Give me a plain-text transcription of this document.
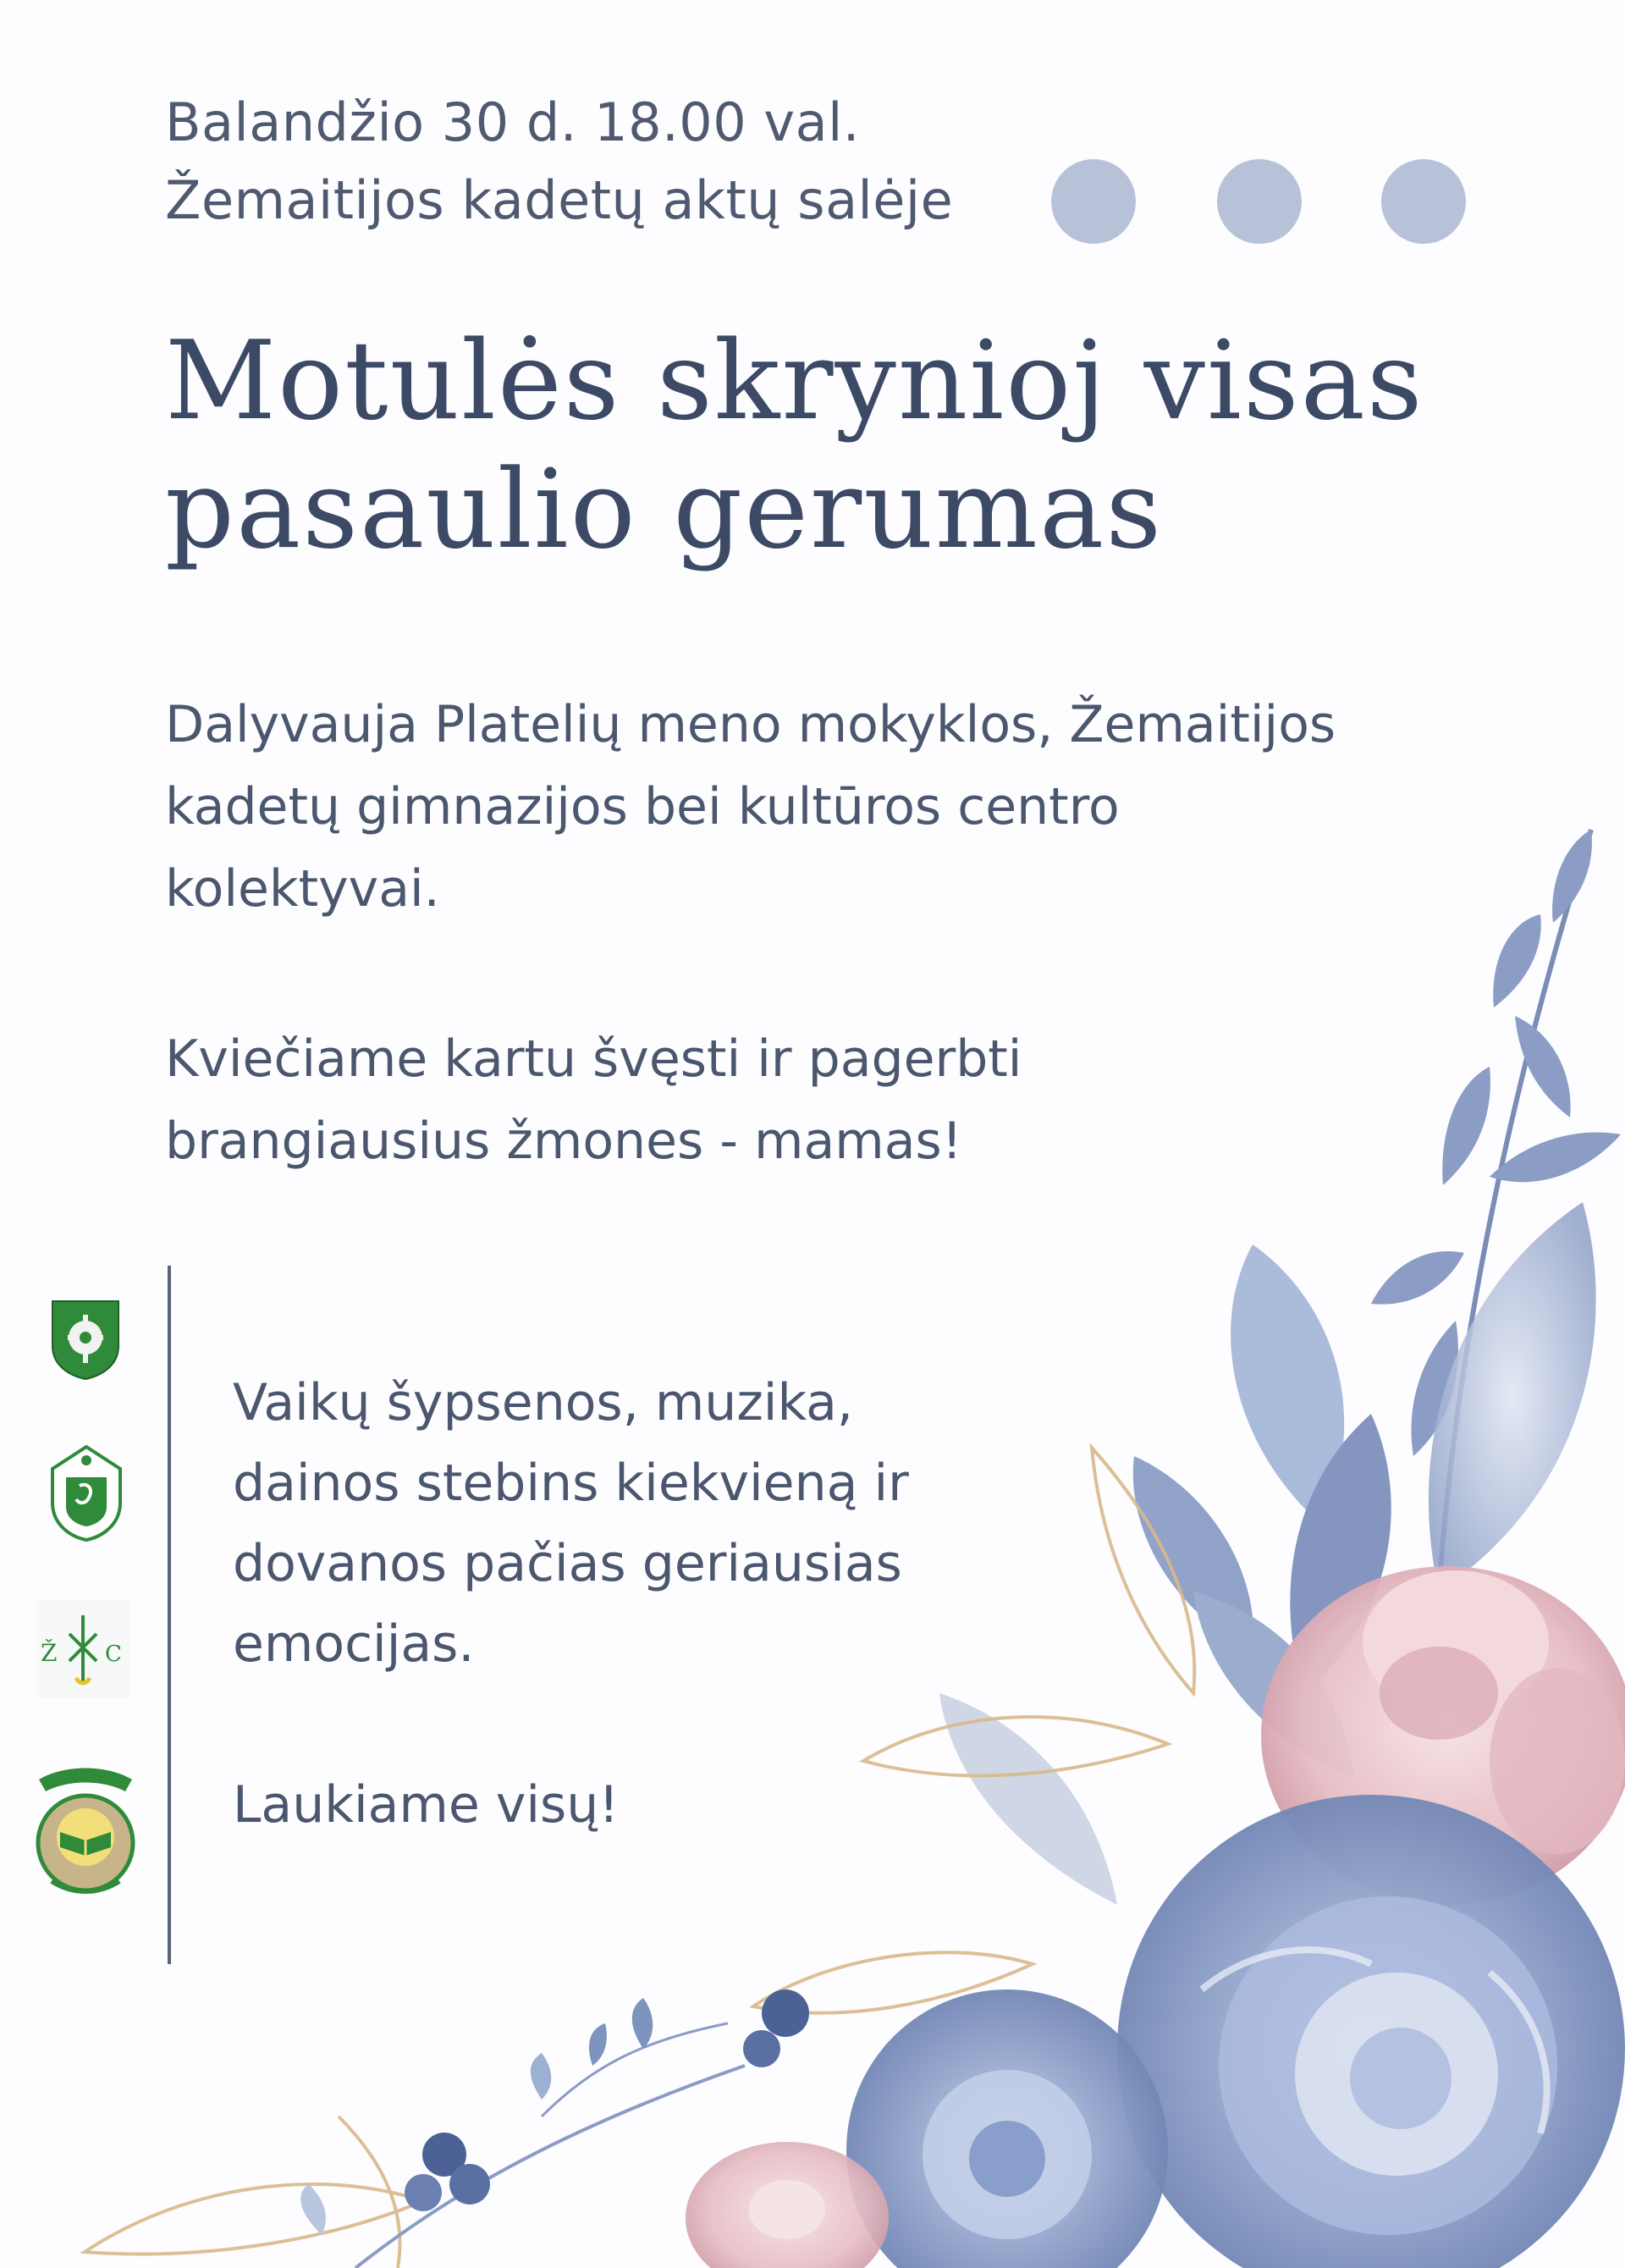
Balandžio 30 d. 18.00 val.
Žemaitijos kadetų aktų salėje
Motulės skrynioj visas
pasaulio gerumas
Dalyvauja Platelių meno mokyklos, Žemaitijos
kadetų gimnazijos bei kultūros centro
kolektyvai.
Kviečiame kartu švęsti ir pagerbti
brangiausius žmones - mamas!
Ž C
Vaikų šypsenos, muzika,
dainos stebins kiekvieną ir
dovanos pačias geriausias
emocijas.
Laukiame visų!
